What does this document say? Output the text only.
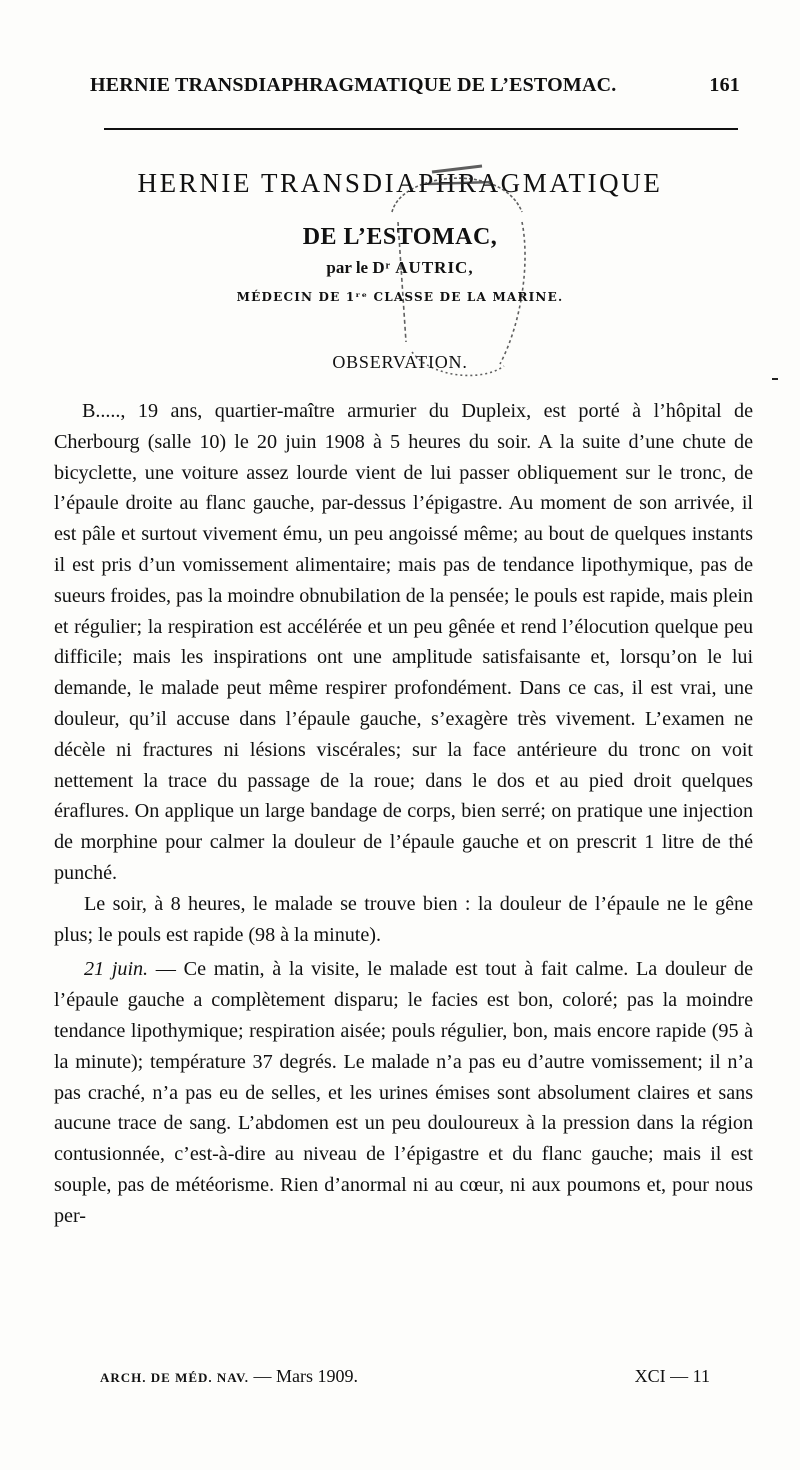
HERNIE TRANSDIAPHRAGMATIQUE DE L’ESTOMAC.	161
HERNIE TRANSDIAPHRAGMATIQUE
DE L’ESTOMAC,
par le Dʳ AUTRIC,
MÉDECIN DE 1ʳᵉ CLASSE DE LA MARINE.
OBSERVATION.

B....., 19 ans, quartier-maître armurier du Dupleix, est porté à l’hôpital de Cherbourg (salle 10) le 20 juin 1908 à 5 heures du soir. A la suite d’une chute de bicyclette, une voiture assez lourde vient de lui passer obliquement sur le tronc, de l’épaule droite au flanc gauche, par-dessus l’épigastre. Au moment de son arrivée, il est pâle et surtout vivement ému, un peu angoissé même; au bout de quelques instants il est pris d’un vomissement alimentaire; mais pas de tendance lipothymique, pas de sueurs froides, pas la moindre obnubilation de la pensée; le pouls est rapide, mais plein et régulier; la respiration est accélérée et un peu gênée et rend l’élocution quelque peu difficile; mais les inspirations ont une amplitude satisfaisante et, lorsqu’on le lui demande, le malade peut même respirer profondément. Dans ce cas, il est vrai, une douleur, qu’il accuse dans l’épaule gauche, s’exagère très vivement. L’examen ne décèle ni fractures ni lésions viscérales; sur la face antérieure du tronc on voit nettement la trace du passage de la roue; dans le dos et au pied droit quelques éraflures. On applique un large bandage de corps, bien serré; on pratique une injection de morphine pour calmer la douleur de l’épaule gauche et on prescrit 1 litre de thé punché.

Le soir, à 8 heures, le malade se trouve bien : la douleur de l’épaule ne le gêne plus; le pouls est rapide (98 à la minute).

21 juin. — Ce matin, à la visite, le malade est tout à fait calme. La douleur de l’épaule gauche a complètement disparu; le facies est bon, coloré; pas la moindre tendance lipothymique; respiration aisée; pouls régulier, bon, mais encore rapide (95 à la minute); température 37 degrés. Le malade n’a pas eu d’autre vomissement; il n’a pas craché, n’a pas eu de selles, et les urines émises sont absolument claires et sans aucune trace de sang. L’abdomen est un peu douloureux à la pression dans la région contusionnée, c’est-à-dire au niveau de l’épigastre et du flanc gauche; mais il est souple, pas de météorisme. Rien d’anormal ni au cœur, ni aux poumons et, pour nous per-

ARCH. DE MÉD. NAV. — Mars 1909.	XCI — 11
